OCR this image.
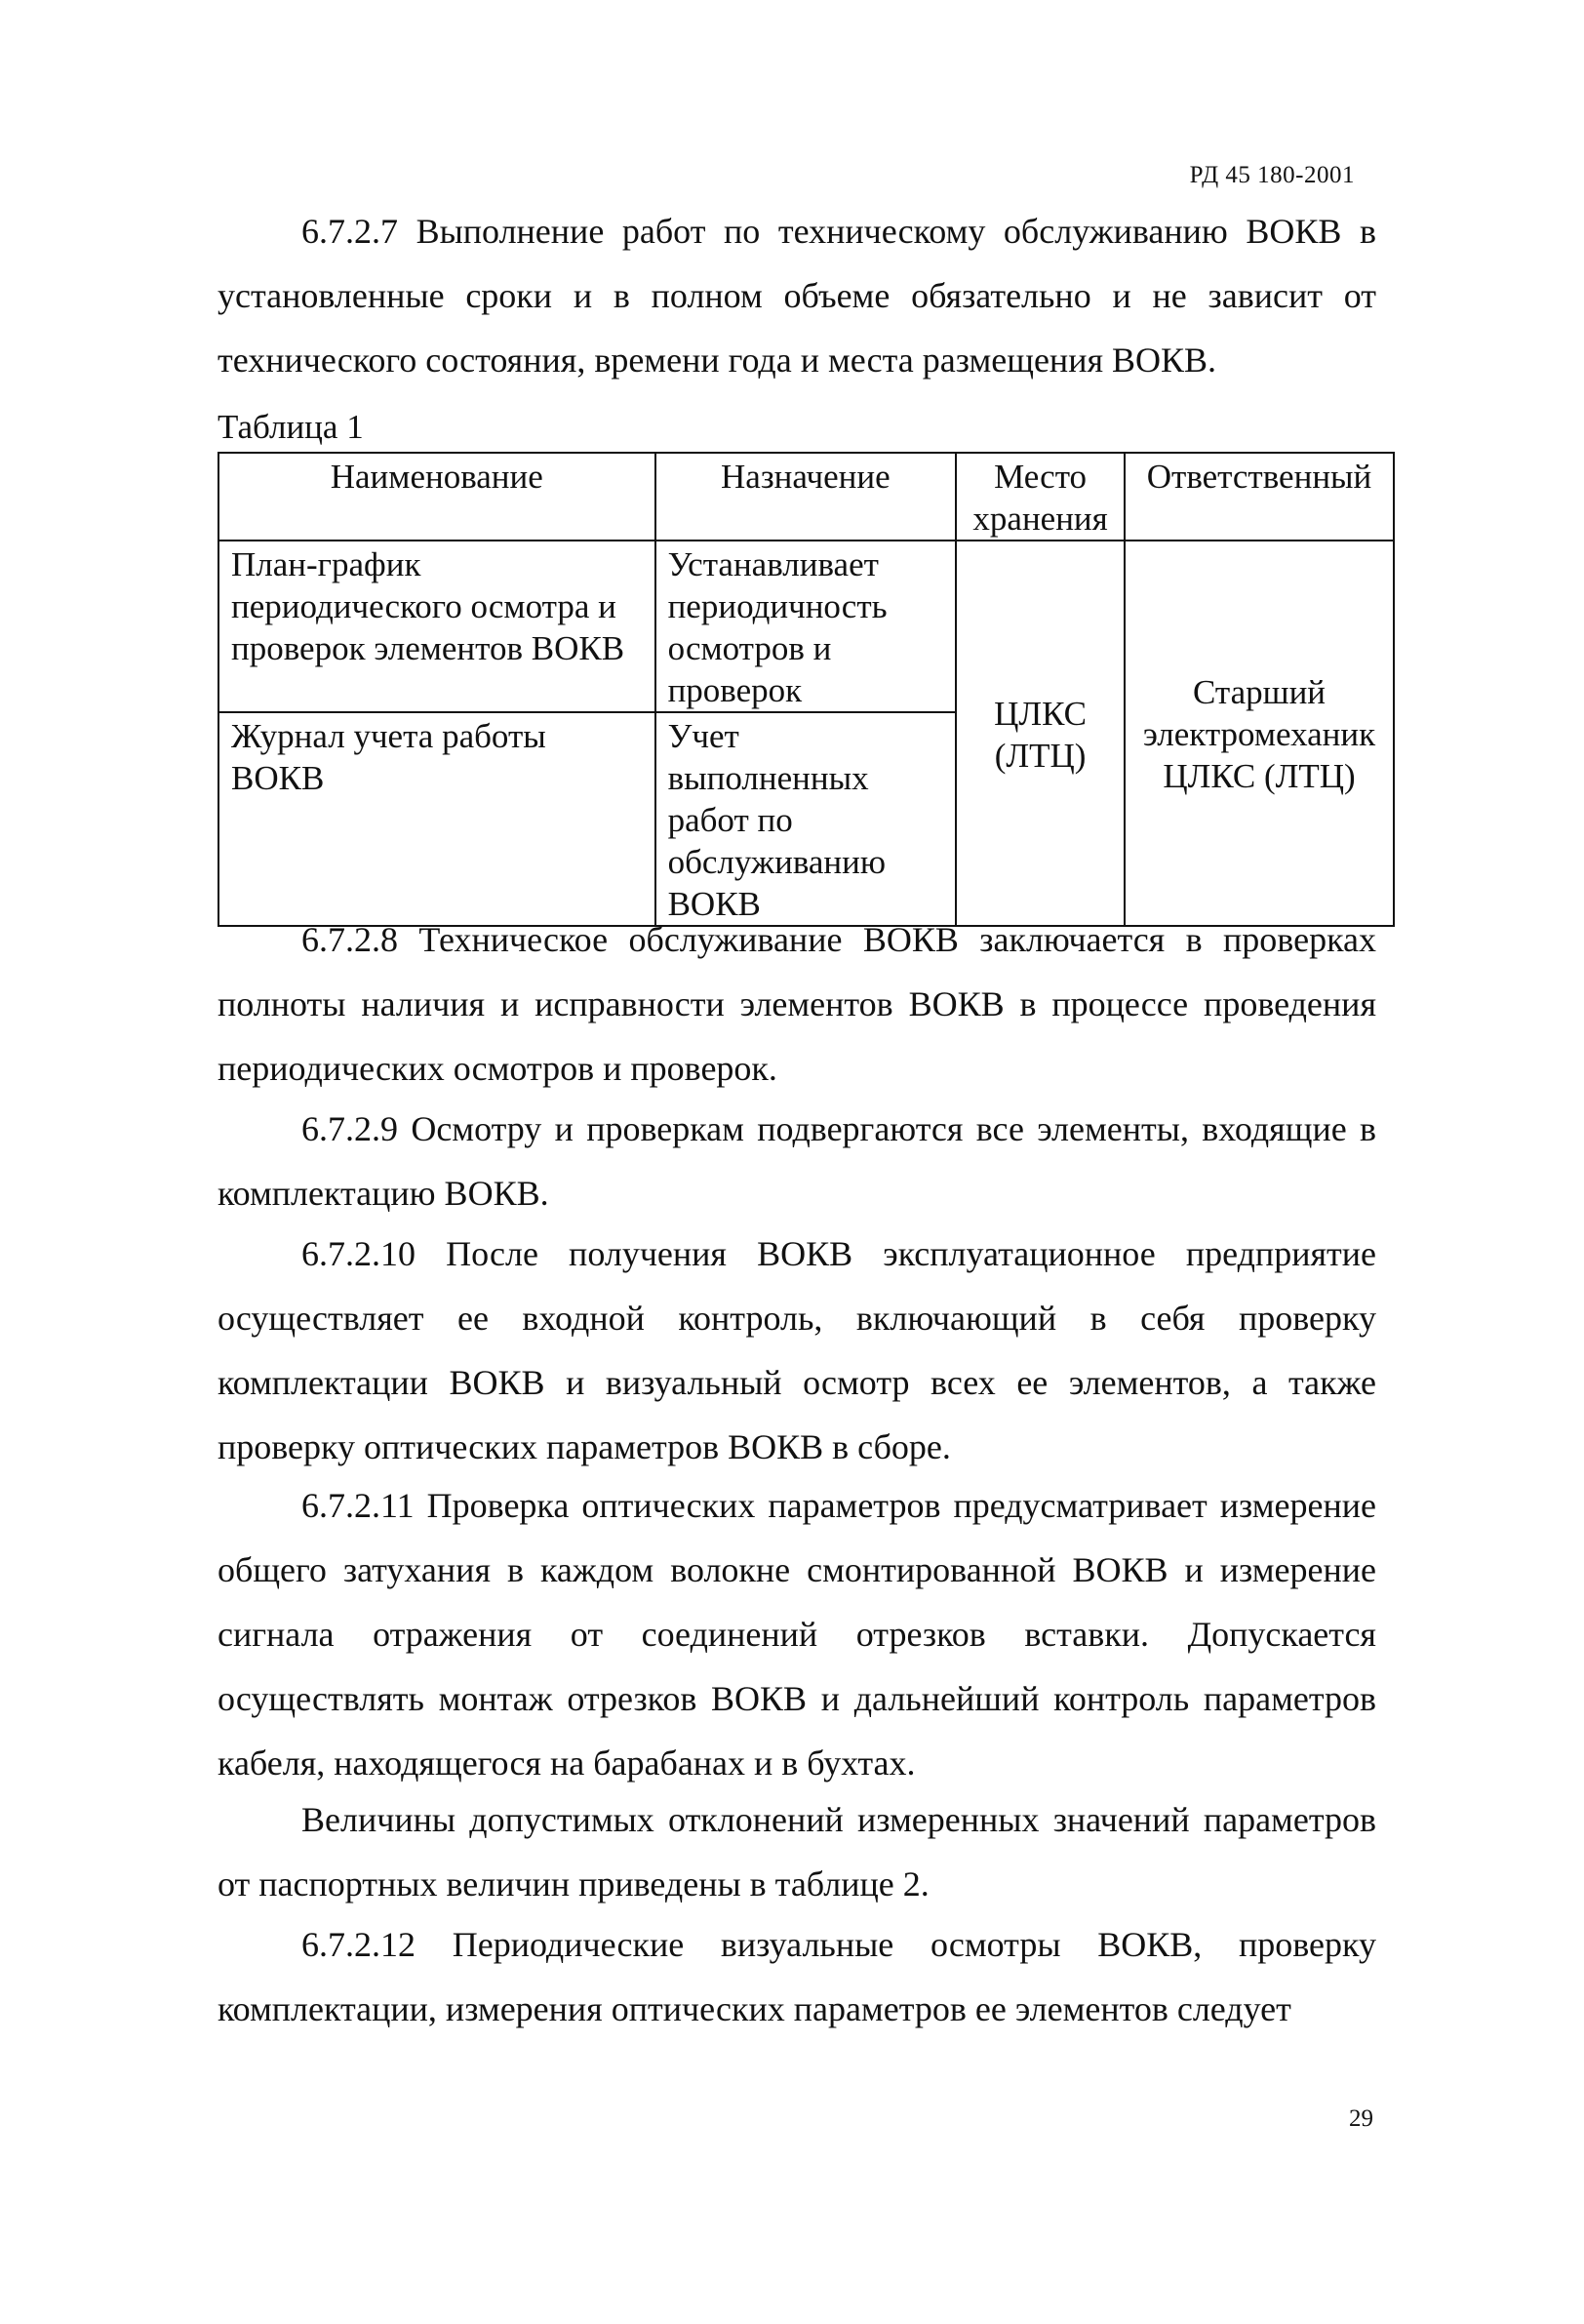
РД 45 180-2001

6.7.2.7 Выполнение работ по техническому обслуживанию ВОКВ в установленные сроки и в полном объеме обязательно и не зависит от технического состояния, времени года и места размещения ВОКВ.

Таблица 1
Наименование	Назначение	Место хранения	Ответственный
План-график периодического осмотра и проверок элементов ВОКВ	Устанавливает периодичность осмотров и проверок	ЦЛКС (ЛТЦ)	Старший электромеханик ЦЛКС (ЛТЦ)
Журнал учета работы ВОКВ	Учет выполненных работ по обслуживанию ВОКВ		

6.7.2.8 Техническое обслуживание ВОКВ заключается в проверках полноты наличия и исправности элементов ВОКВ в процессе проведения периодических осмотров и проверок.

6.7.2.9 Осмотру и проверкам подвергаются все элементы, входящие в комплектацию ВОКВ.

6.7.2.10 После получения ВОКВ эксплуатационное предприятие осуществляет ее входной контроль, включающий в себя проверку комплектации ВОКВ и визуальный осмотр всех ее элементов, а также проверку оптических параметров ВОКВ в сборе.

6.7.2.11 Проверка оптических параметров предусматривает измерение общего затухания в каждом волокне смонтированной ВОКВ и измерение сигнала отражения от соединений отрезков вставки. Допускается осуществлять монтаж отрезков ВОКВ и дальнейший контроль параметров кабеля, находящегося на барабанах и в бухтах.

Величины допустимых отклонений измеренных значений параметров от паспортных величин приведены в таблице 2.

6.7.2.12 Периодические визуальные осмотры ВОКВ, проверку комплектации, измерения оптических параметров ее элементов следует

29
